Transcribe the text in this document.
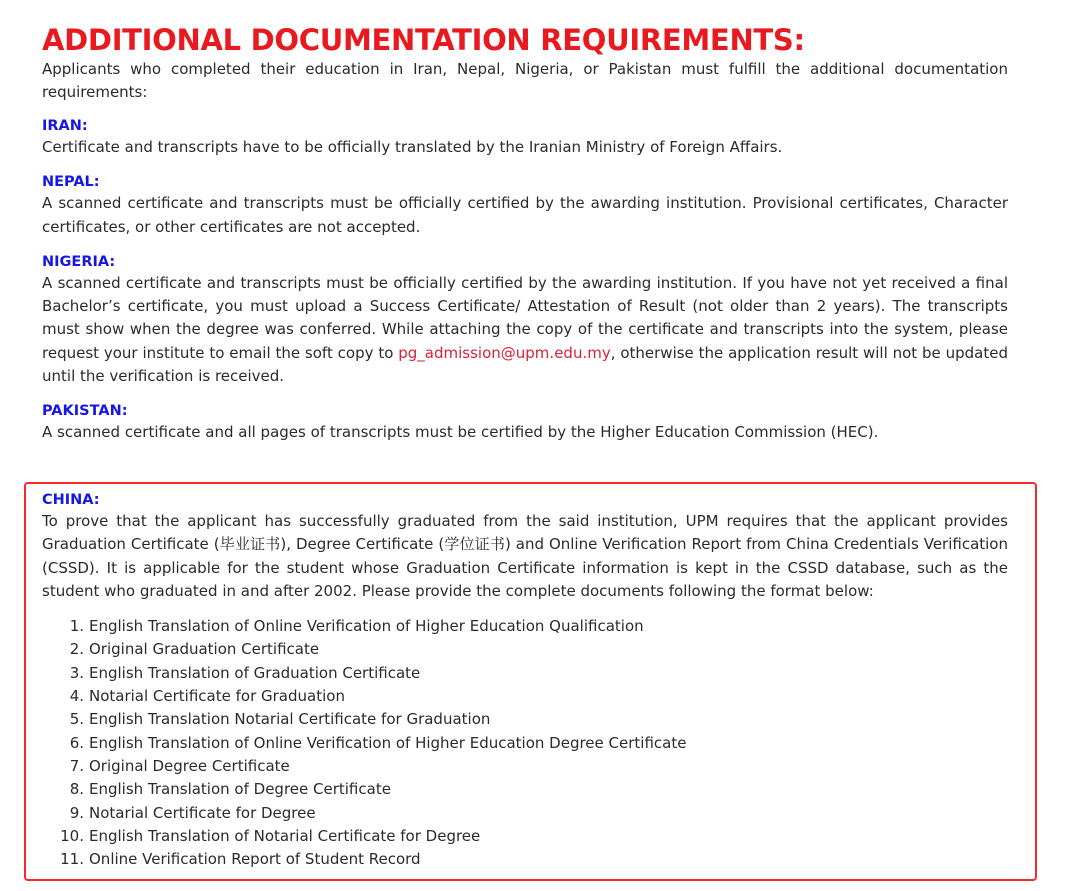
ADDITIONAL DOCUMENTATION REQUIREMENTS:

Applicants who completed their education in Iran, Nepal, Nigeria, or Pakistan must fulfill the additional documentation requirements:

IRAN:

Certificate and transcripts have to be officially translated by the Iranian Ministry of Foreign Affairs.

NEPAL:

A scanned certificate and transcripts must be officially certified by the awarding institution. Provisional certificates, Character certificates, or other certificates are not accepted.

NIGERIA:

A scanned certificate and transcripts must be officially certified by the awarding institution. If you have not yet received a final Bachelor’s certificate, you must upload a Success Certificate/ Attestation of Result (not older than 2 years). The transcripts must show when the degree was conferred. While attaching the copy of the certificate and transcripts into the system, please request your institute to email the soft copy to pg_admission@upm.edu.my, otherwise the application result will not be updated until the verification is received.

PAKISTAN:

A scanned certificate and all pages of transcripts must be certified by the Higher Education Commission (HEC).

CHINA:

To prove that the applicant has successfully graduated from the said institution, UPM requires that the applicant provides Graduation Certificate (毕业证书), Degree Certificate (学位证书) and Online Verification Report from China Credentials Verification (CSSD). It is applicable for the student whose Graduation Certificate information is kept in the CSSD database, such as the student who graduated in and after 2002. Please provide the complete documents following the format below:

1. English Translation of Online Verification of Higher Education Qualification
2. Original Graduation Certificate
3. English Translation of Graduation Certificate
4. Notarial Certificate for Graduation
5. English Translation Notarial Certificate for Graduation
6. English Translation of Online Verification of Higher Education Degree Certificate
7. Original Degree Certificate
8. English Translation of Degree Certificate
9. Notarial Certificate for Degree
10. English Translation of Notarial Certificate for Degree
11. Online Verification Report of Student Record
